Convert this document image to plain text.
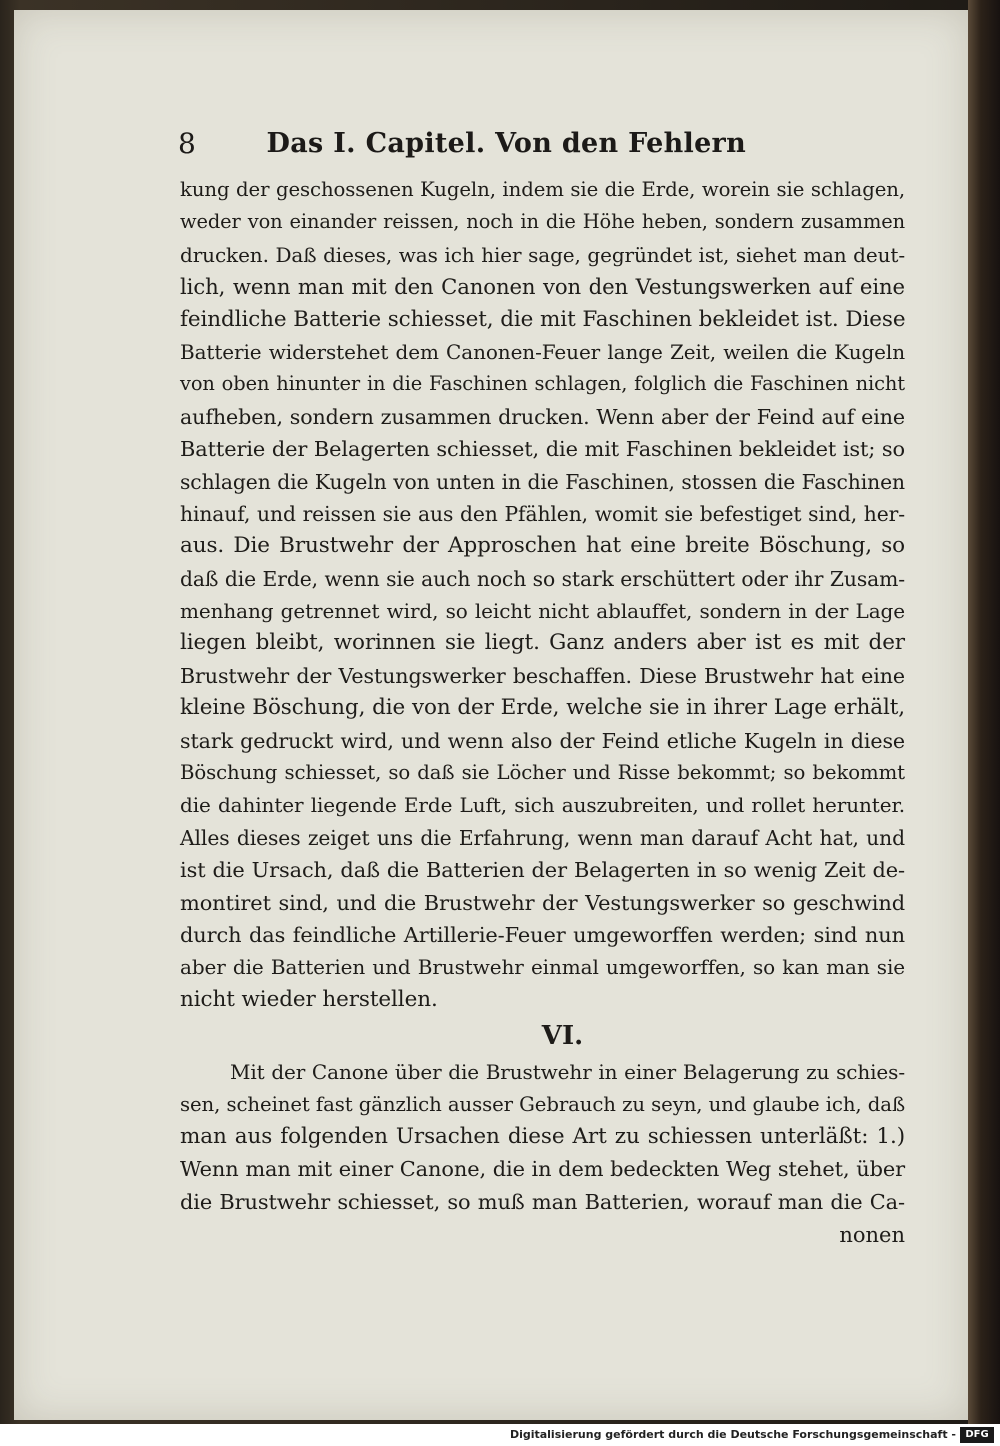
8	Das I. Capitel. Von den Fehlern
kung der geschossenen Kugeln, indem sie die Erde, worein sie schlagen,
weder von einander reissen, noch in die Höhe heben, sondern zusammen
drucken. Daß dieses, was ich hier sage, gegründet ist, siehet man deut-
lich, wenn man mit den Canonen von den Vestungswerken auf eine
feindliche Batterie schiesset, die mit Faschinen bekleidet ist. Diese
Batterie widerstehet dem Canonen-Feuer lange Zeit, weilen die Kugeln
von oben hinunter in die Faschinen schlagen, folglich die Faschinen nicht
aufheben, sondern zusammen drucken. Wenn aber der Feind auf eine
Batterie der Belagerten schiesset, die mit Faschinen bekleidet ist; so
schlagen die Kugeln von unten in die Faschinen, stossen die Faschinen
hinauf, und reissen sie aus den Pfählen, womit sie befestiget sind, her-
aus. Die Brustwehr der Approschen hat eine breite Böschung, so
daß die Erde, wenn sie auch noch so stark erschüttert oder ihr Zusam-
menhang getrennet wird, so leicht nicht ablauffet, sondern in der Lage
liegen bleibt, worinnen sie liegt. Ganz anders aber ist es mit der
Brustwehr der Vestungswerker beschaffen. Diese Brustwehr hat eine
kleine Böschung, die von der Erde, welche sie in ihrer Lage erhält,
stark gedruckt wird, und wenn also der Feind etliche Kugeln in diese
Böschung schiesset, so daß sie Löcher und Risse bekommt; so bekommt
die dahinter liegende Erde Luft, sich auszubreiten, und rollet herunter.
Alles dieses zeiget uns die Erfahrung, wenn man darauf Acht hat, und
ist die Ursach, daß die Batterien der Belagerten in so wenig Zeit de-
montiret sind, und die Brustwehr der Vestungswerker so geschwind
durch das feindliche Artillerie-Feuer umgeworffen werden; sind nun
aber die Batterien und Brustwehr einmal umgeworffen, so kan man sie
nicht wieder herstellen.
VI.
Mit der Canone über die Brustwehr in einer Belagerung zu schies-
sen, scheinet fast gänzlich ausser Gebrauch zu seyn, und glaube ich, daß
man aus folgenden Ursachen diese Art zu schiessen unterläßt: 1.)
Wenn man mit einer Canone, die in dem bedeckten Weg stehet, über
die Brustwehr schiesset, so muß man Batterien, worauf man die Ca-
nonen
Digitalisierung gefördert durch die Deutsche Forschungsgemeinschaft - DFG
